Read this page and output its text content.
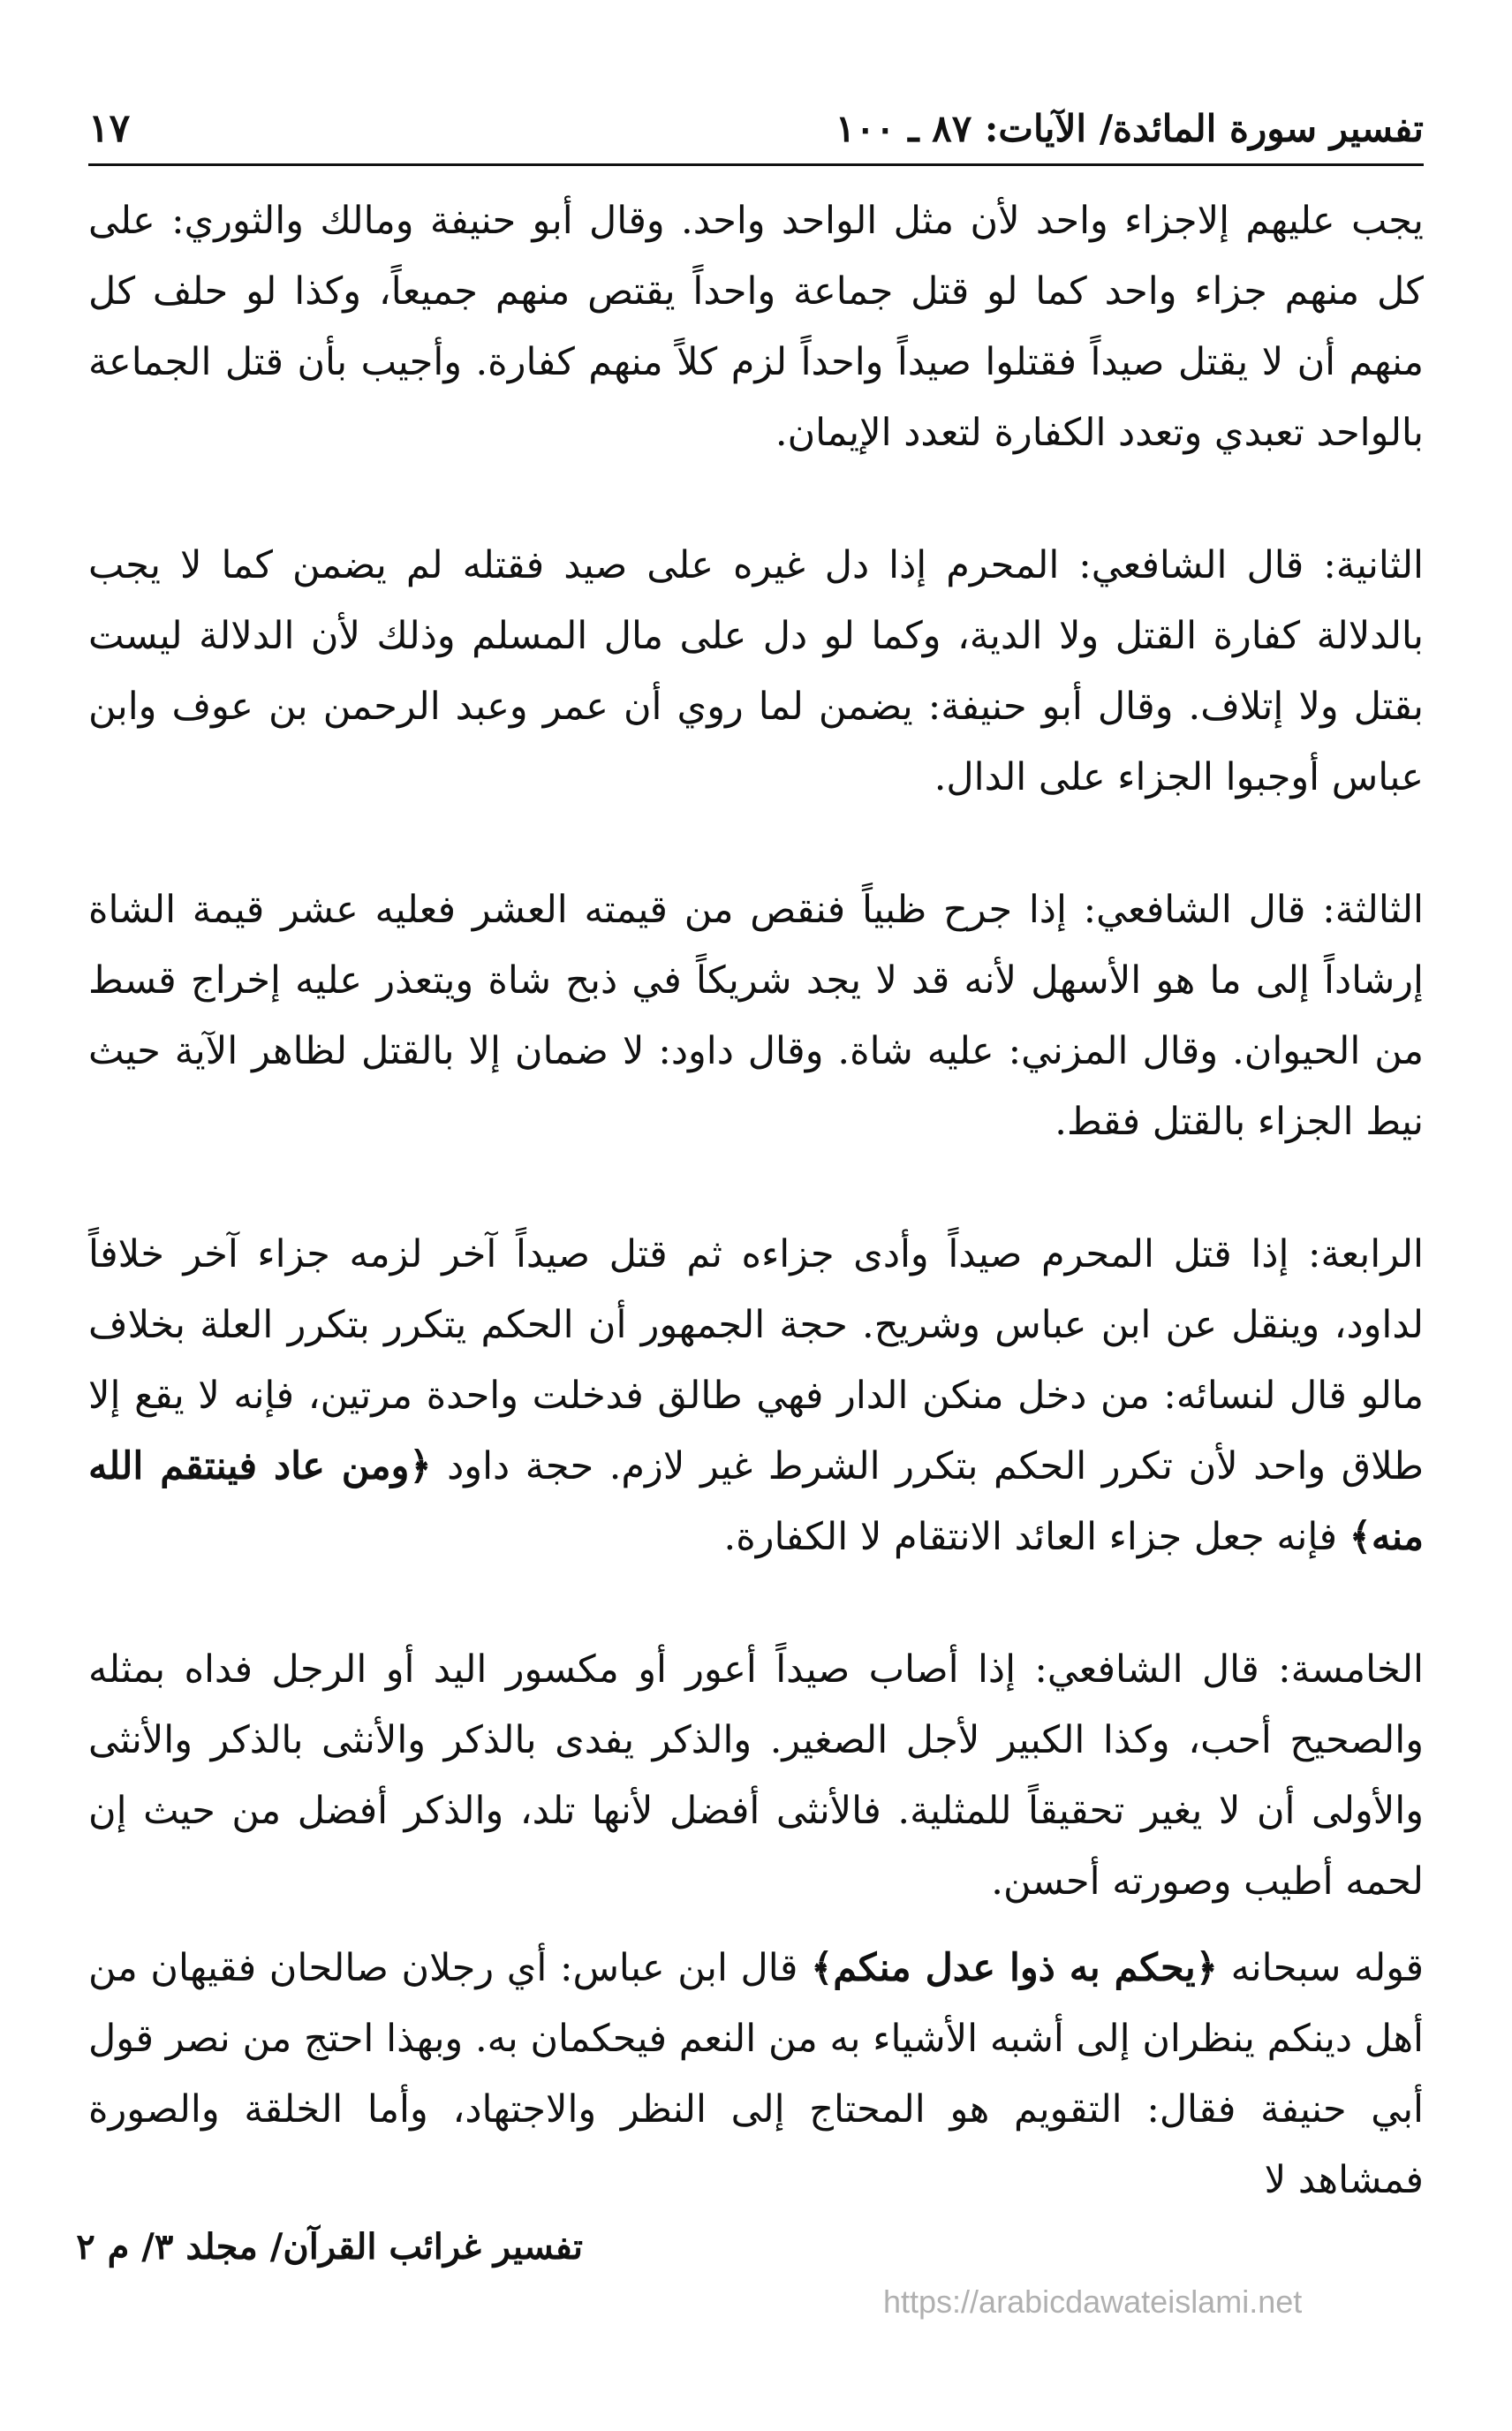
تفسير سورة المائدة/ الآيات: ٨٧ ـ ١٠٠
١٧

يجب عليهم إلاجزاء واحد لأن مثل الواحد واحد. وقال أبو حنيفة ومالك والثوري: على كل منهم جزاء واحد كما لو قتل جماعة واحداً يقتص منهم جميعاً، وكذا لو حلف كل منهم أن لا يقتل صيداً فقتلوا صيداً واحداً لزم كلاً منهم كفارة. وأجيب بأن قتل الجماعة بالواحد تعبدي وتعدد الكفارة لتعدد الإيمان.

الثانية: قال الشافعي: المحرم إذا دل غيره على صيد فقتله لم يضمن كما لا يجب بالدلالة كفارة القتل ولا الدية، وكما لو دل على مال المسلم وذلك لأن الدلالة ليست بقتل ولا إتلاف. وقال أبو حنيفة: يضمن لما روي أن عمر وعبد الرحمن بن عوف وابن عباس أوجبوا الجزاء على الدال.

الثالثة: قال الشافعي: إذا جرح ظبياً فنقص من قيمته العشر فعليه عشر قيمة الشاة إرشاداً إلى ما هو الأسهل لأنه قد لا يجد شريكاً في ذبح شاة ويتعذر عليه إخراج قسط من الحيوان. وقال المزني: عليه شاة. وقال داود: لا ضمان إلا بالقتل لظاهر الآية حيث نيط الجزاء بالقتل فقط.

الرابعة: إذا قتل المحرم صيداً وأدى جزاءه ثم قتل صيداً آخر لزمه جزاء آخر خلافاً لداود، وينقل عن ابن عباس وشريح. حجة الجمهور أن الحكم يتكرر بتكرر العلة بخلاف مالو قال لنسائه: من دخل منكن الدار فهي طالق فدخلت واحدة مرتين، فإنه لا يقع إلا طلاق واحد لأن تكرر الحكم بتكرر الشرط غير لازم. حجة داود ﴿ومن عاد فينتقم الله منه﴾ فإنه جعل جزاء العائد الانتقام لا الكفارة.

الخامسة: قال الشافعي: إذا أصاب صيداً أعور أو مكسور اليد أو الرجل فداه بمثله والصحيح أحب، وكذا الكبير لأجل الصغير. والذكر يفدى بالذكر والأنثى بالذكر والأنثى والأولى أن لا يغير تحقيقاً للمثلية. فالأنثى أفضل لأنها تلد، والذكر أفضل من حيث إن لحمه أطيب وصورته أحسن.

قوله سبحانه ﴿يحكم به ذوا عدل منكم﴾ قال ابن عباس: أي رجلان صالحان فقيهان من أهل دينكم ينظران إلى أشبه الأشياء به من النعم فيحكمان به. وبهذا احتج من نصر قول أبي حنيفة فقال: التقويم هو المحتاج إلى النظر والاجتهاد، وأما الخلقة والصورة فمشاهد لا

تفسير غرائب القرآن/ مجلد ٣/ م ٢
https://arabicdawateislami.net
